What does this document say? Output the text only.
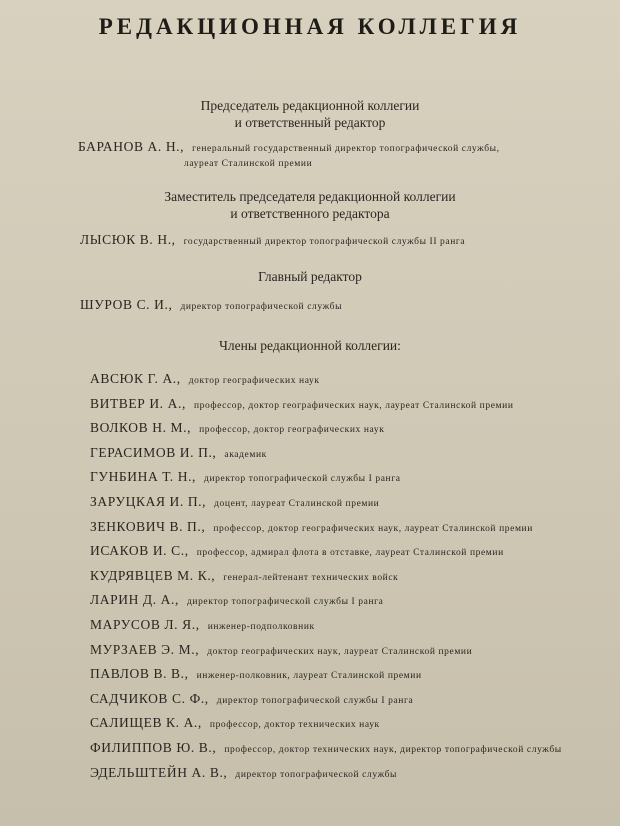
РЕДАКЦИОННАЯ КОЛЛЕГИЯ
Председатель редакционной коллегии
и ответственный редактор
БАРАНОВ А. Н., генеральный государственный директор топографической службы,
лауреат Сталинской премии
Заместитель председателя редакционной коллегии
и ответственного редактора
ЛЫСЮК В. Н., государственный директор топографической службы II ранга
Главный редактор
ШУРОВ С. И., директор топографической службы
Члены редакционной коллегии:
АВСЮК Г. А., доктор географических наук
ВИТВЕР И. А., профессор, доктор географических наук, лауреат Сталинской премии
ВОЛКОВ Н. М., профессор, доктор географических наук
ГЕРАСИМОВ И. П., академик
ГУНБИНА Т. Н., директор топографической службы I ранга
ЗАРУЦКАЯ И. П., доцент, лауреат Сталинской премии
ЗЕНКОВИЧ В. П., профессор, доктор географических наук, лауреат Сталинской премии
ИСАКОВ И. С., профессор, адмирал флота в отставке, лауреат Сталинской премии
КУДРЯВЦЕВ М. К., генерал-лейтенант технических войск
ЛАРИН Д. А., директор топографической службы I ранга
МАРУСОВ Л. Я., инженер-подполковник
МУРЗАЕВ Э. М., доктор географических наук, лауреат Сталинской премии
ПАВЛОВ В. В., инженер-полковник, лауреат Сталинской премии
САДЧИКОВ С. Ф., директор топографической службы I ранга
САЛИЩЕВ К. А., профессор, доктор технических наук
ФИЛИППОВ Ю. В., профессор, доктор технических наук, директор топографической службы
ЭДЕЛЬШТЕЙН А. В., директор топографической службы
